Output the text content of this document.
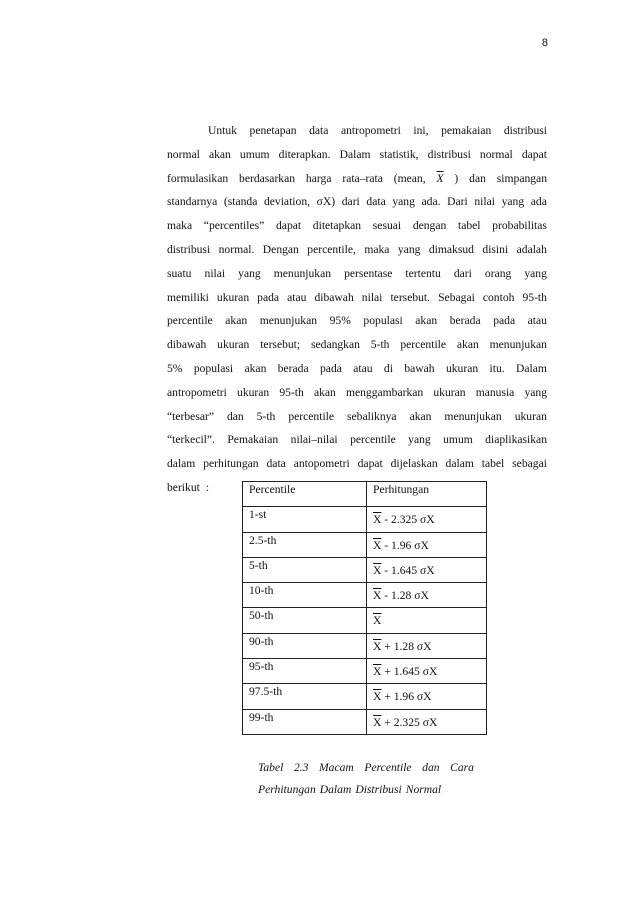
8
Untuk penetapan data antropometri ini, pemakaian distribusi
normal akan umum diterapkan. Dalam statistik, distribusi normal dapat
formulasikan berdasarkan harga rata–rata (mean, $\overline{X}$ ) dan simpangan
standarnya (standa deviation, σX) dari data yang ada. Dari nilai yang ada
maka “percentiles” dapat ditetapkan sesuai dengan tabel probabilitas
distribusi normal. Dengan percentile, maka yang dimaksud disini adalah
suatu nilai yang menunjukan persentase tertentu dari orang yang
memiliki ukuran pada atau dibawah nilai tersebut. Sebagai contoh 95-th
percentile akan menunjukan 95% populasi akan berada pada atau
dibawah ukuran tersebut; sedangkan 5-th percentile akan menunjukan
5% populasi akan berada pada atau di bawah ukuran itu. Dalam
antropometri ukuran 95-th akan menggambarkan ukuran manusia yang
“terbesar” dan 5-th percentile sebaliknya akan menunjukan ukuran
“terkecil”. Pemakaian nilai–nilai percentile yang umum diaplikasikan
dalam perhitungan data antopometri dapat dijelaskan dalam tabel sebagai
berikut :	Percentile	Perhitungan
1-st	$\overline{X} - 2.325$ σX
2.5-th	$\overline{X} - 1.96$ σX
5-th	$\overline{X} - 1.645$ σX
10-th	$\overline{X} - 1.28$ σX
50-th	$\overline{X}$
90-th	$\overline{X} + 1.28$ σX
95-th	$\overline{X} + 1.645$ σX
97.5-th	$\overline{X} + 1.96$ σX
99-th	$\overline{X} + 2.325$ σX
Tabel 2.3 Macam Percentile dan Cara
Perhitungan Dalam Distribusi Normal
